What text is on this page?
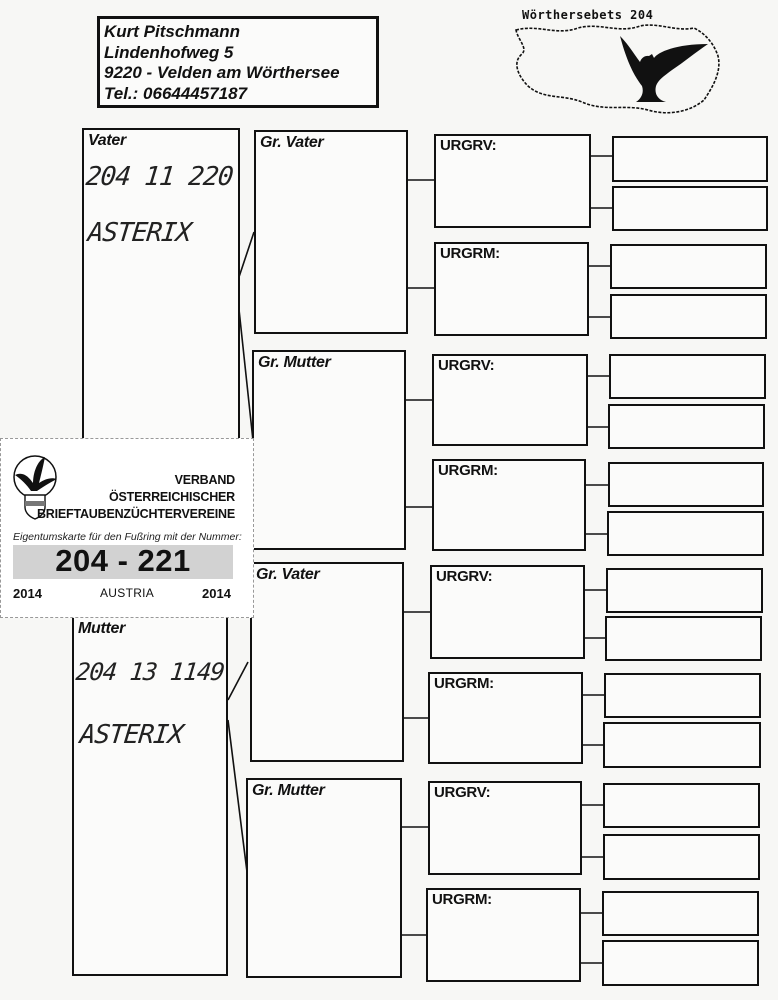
Kurt Pitschmann
Lindenhofweg 5
9220 - Velden am Wörthersee
Tel.: 06644457187
Wörthersebets 204
Vater
204 11 220
ASTERIX
Mutter
204 13 1149
ASTERIX
Gr. Vater
Gr. Mutter
Gr. Vater
Gr. Mutter
URGRV:
URGRM:
URGRV:
URGRM:
URGRV:
URGRM:
URGRV:
URGRM:
VERBAND
ÖSTERREICHISCHER
BRIEFTAUBENZÜCHTERVEREINE
Eigentumskarte für den Fußring mit der Nummer:
204 - 221
2014	AUSTRIA	2014
